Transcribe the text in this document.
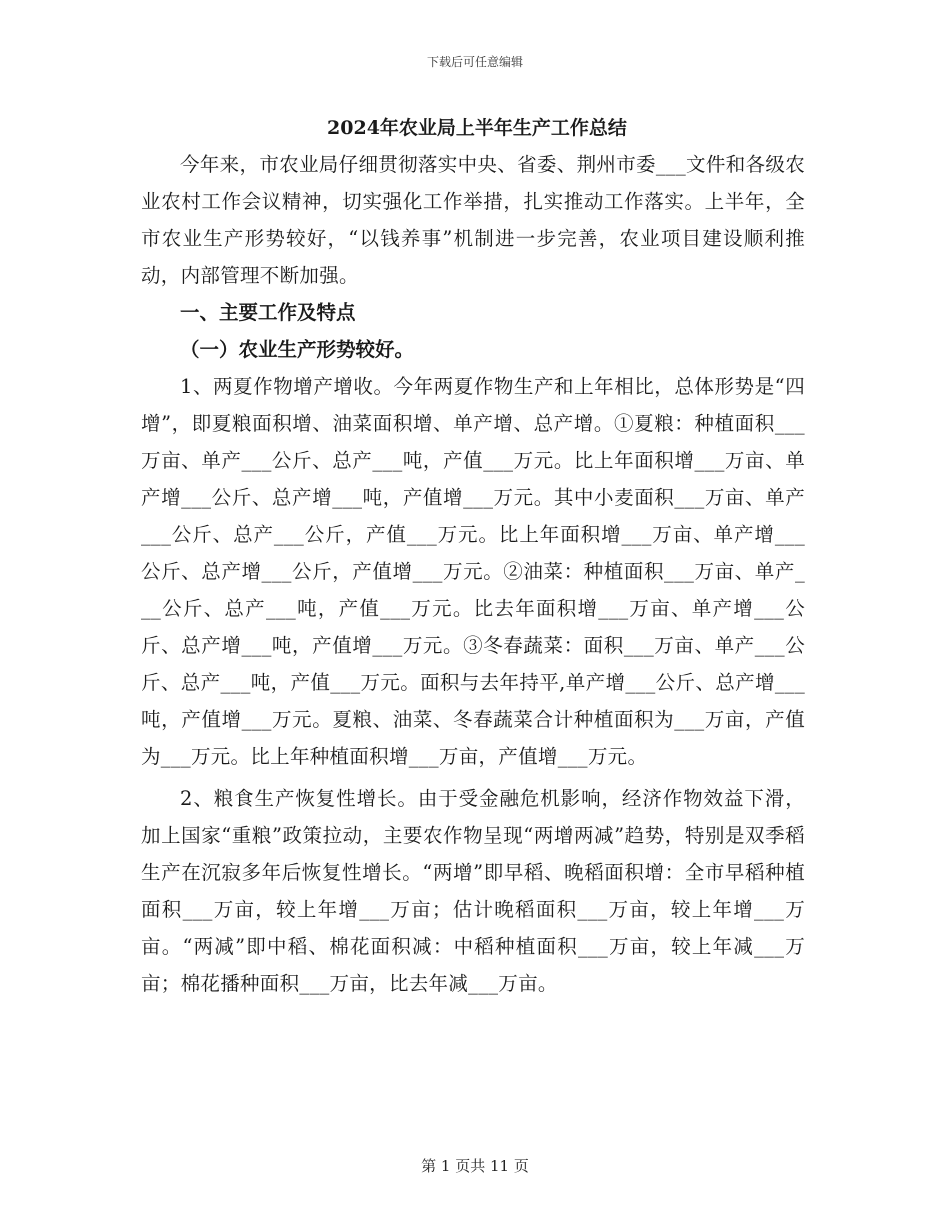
下载后可任意编辑

2024年农业局上半年生产工作总结

今年来，市农业局仔细贯彻落实中央、省委、荆州市委___文件和各级农业农村工作会议精神，切实强化工作举措，扎实推动工作落实。上半年，全市农业生产形势较好，“以钱养事”机制进一步完善，农业项目建设顺利推动，内部管理不断加强。

一、主要工作及特点

（一）农业生产形势较好。

1、两夏作物增产增收。今年两夏作物生产和上年相比，总体形势是“四增”，即夏粮面积增、油菜面积增、单产增、总产增。①夏粮：种植面积___万亩、单产___公斤、总产___吨，产值___万元。比上年面积增___万亩、单产增___公斤、总产增___吨，产值增___万元。其中小麦面积___万亩、单产___公斤、总产___公斤，产值___万元。比上年面积增___万亩、单产增___公斤、总产增___公斤，产值增___万元。②油菜：种植面积___万亩、单产___公斤、总产___吨，产值___万元。比去年面积增___万亩、单产增___公斤、总产增___吨，产值增___万元。③冬春蔬菜：面积___万亩、单产___公斤、总产___吨，产值___万元。面积与去年持平,单产增___公斤、总产增___吨，产值增___万元。夏粮、油菜、冬春蔬菜合计种植面积为___万亩，产值为___万元。比上年种植面积增___万亩，产值增___万元。

2、粮食生产恢复性增长。由于受金融危机影响，经济作物效益下滑，加上国家“重粮”政策拉动，主要农作物呈现“两增两减”趋势，特别是双季稻生产在沉寂多年后恢复性增长。“两增”即早稻、晚稻面积增：全市早稻种植面积___万亩，较上年增___万亩；估计晚稻面积___万亩，较上年增___万亩。“两减”即中稻、棉花面积减：中稻种植面积___万亩，较上年减___万亩；棉花播种面积___万亩，比去年减___万亩。

第 1 页共 11 页
